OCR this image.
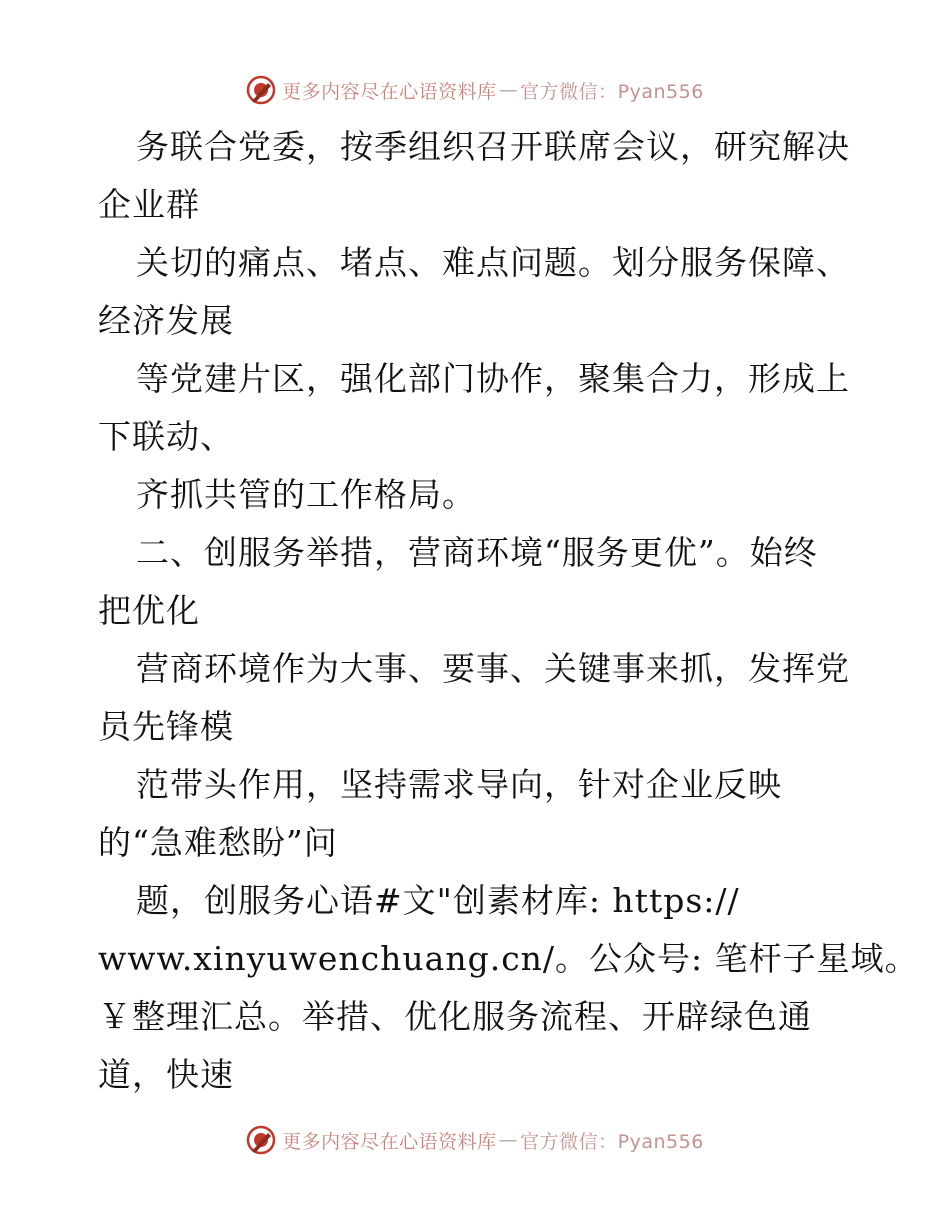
更多内容尽在心语资料库 — 官方微信：Pyan556
务联合党委，按季组织召开联席会议，研究解决
企业群
关切的痛点、堵点、难点问题。划分服务保障、
经济发展
等党建片区，强化部门协作，聚集合力，形成上
下联动、
齐抓共管的工作格局。
二、创服务举措，营商环境“服务更优”。始终
把优化
营商环境作为大事、要事、关键事来抓，发挥党
员先锋模
范带头作用，坚持需求导向，针对企业反映
的“急难愁盼”问
题，创服务心语#文"创素材库: https://
www.xinyuwenchuang.cn/。公众号: 笔杆子星域。
￥整理汇总。举措、优化服务流程、开辟绿色通
道，快速
更多内容尽在心语资料库 — 官方微信：Pyan556
